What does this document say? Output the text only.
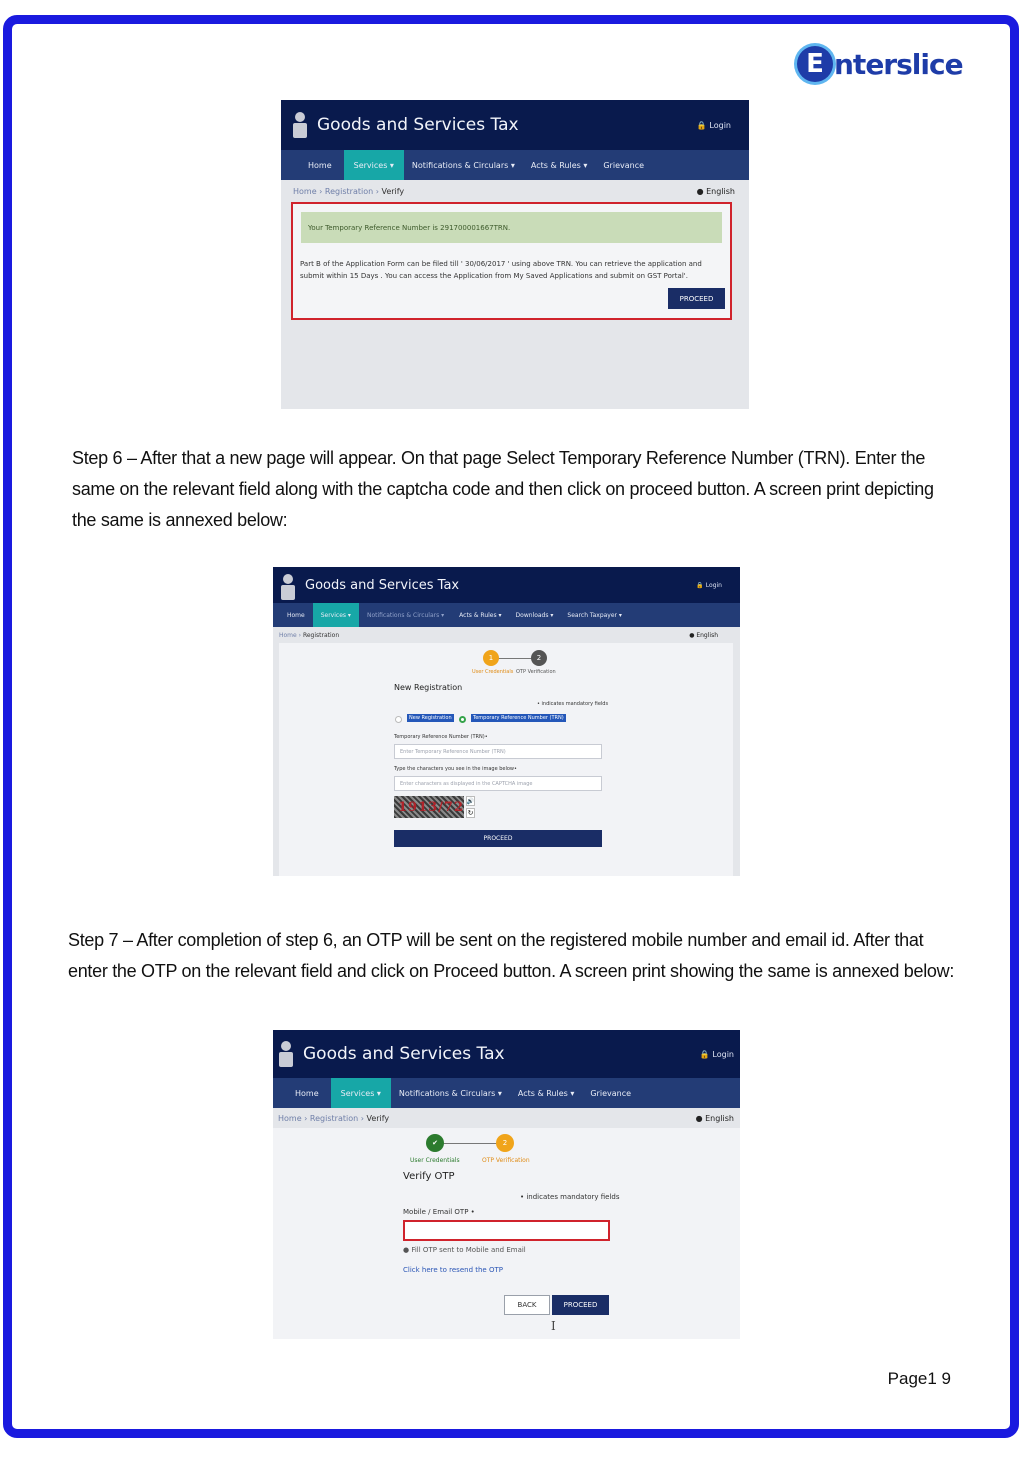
E nterslice
Goods and Services Tax	🔒 Login
Home	Services ▾	Notifications & Circulars ▾	Acts & Rules ▾	Grievance
Home › Registration › Verify	● English
Your Temporary Reference Number is 291700001667TRN.
Part B of the Application Form can be filed till ' 30/06/2017 ' using above TRN. You can retrieve the application and submit within 15 Days . You can access the Application from My Saved Applications and submit on GST Portal'.
PROCEED
Step 6 – After that a new page will appear. On that page Select Temporary Reference Number (TRN). Enter the same on the relevant field along with the captcha code and then click on proceed button. A screen print depicting the same is annexed below:
Goods and Services Tax	🔒 Login
Home	Services ▾	Notifications & Circulars ▾	Acts & Rules ▾	Downloads ▾	Search Taxpayer ▾
Home › Registration	● English
1	2
User Credentials OTP Verification
New Registration
• indicates mandatory fields
New Registration	Temporary Reference Number (TRN)
Temporary Reference Number (TRN)•
Enter Temporary Reference Number (TRN)
Type the characters you see in the image below•
Enter characters as displayed in the CAPTCHA image
1913/72 🔊
↻
PROCEED
Step 7 – After completion of step 6, an OTP will be sent on the registered mobile number and email id. After that enter the OTP on the relevant field and click on Proceed button. A screen print showing the same is annexed below:
Goods and Services Tax	🔒 Login
Home	Services ▾	Notifications & Circulars ▾	Acts & Rules ▾	Grievance
Home › Registration › Verify	● English
✔	2
User Credentials	OTP Verification
Verify OTP
• indicates mandatory fields
Mobile / Email OTP •
● Fill OTP sent to Mobile and Email
Click here to resend the OTP
BACK	PROCEED
I
Page1 9
